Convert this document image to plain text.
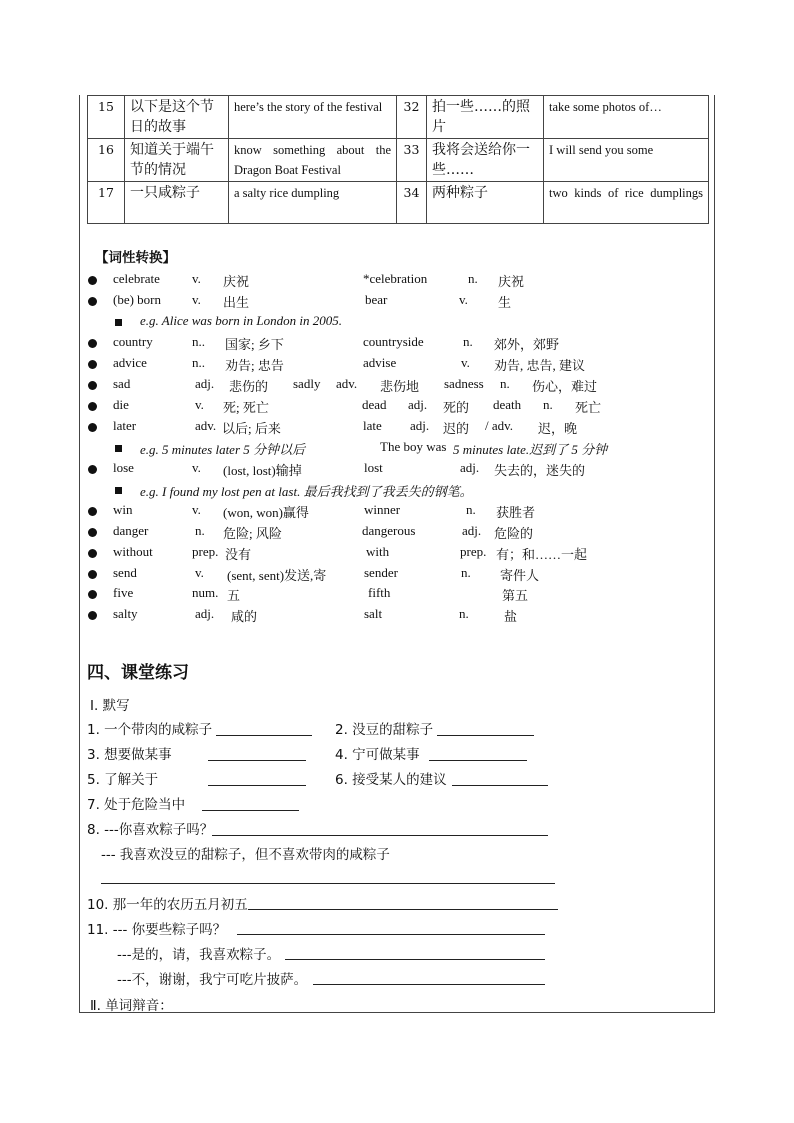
15	以下是这个节日的故事	here’s the story of the festival	32	拍一些……的照片	take some photos of…
16	知道关于端午节的情况	know something about the Dragon Boat Festival	33	我将会送给你一些……	I will send you some
17	一只咸粽子	a salty rice dumpling	34	两种粽子	two kinds of rice dumplings
【词性转换】
celebrate v. 庆祝	*celebration	n. 庆祝
(be) born v. 出生	bear	v. 生
e.g. Alice was born in London in 2005.
country	n.. 国家; 乡下	countryside	n. 郊外，郊野
advice	n.. 劝告; 忠告	advise	v. 劝告, 忠告, 建议
sad	adj. 悲伤的 sadly adv. 悲伤地 sadness n. 伤心，难过
die	v. 死; 死亡	dead adj. 死的 death n. 死亡
later	adv. 以后; 后来	late adj. 迟的 / adv. 迟，晚
e.g. 5 minutes later 5 分钟以后	The boy was 5 minutes late.迟到了 5 分钟
lose	v. (lost, lost)输掉	lost	adj. 失去的，迷失的
e.g. I found my lost pen at last. 最后我找到了我丢失的钢笔。
win	v. (won, won)赢得	winner	n. 获胜者
danger	n. 危险; 风险	dangerous	adj. 危险的
without	prep. 没有	with	prep. 有；和……一起
send	v. (sent, sent)发送,寄	sender	n. 寄件人
five	num. 五	fifth	第五
salty	adj. 咸的	salt	n.	盐
四、课堂练习
Ⅰ. 默写
1. 一个带肉的咸粽子	2. 没豆的甜粽子
3. 想要做某事	4. 宁可做某事
5. 了解关于	6. 接受某人的建议
7. 处于危险当中
8. ---你喜欢粽子吗？
--- 我喜欢没豆的甜粽子，但不喜欢带肉的咸粽子
10. 那一年的农历五月初五
11. --- 你要些粽子吗？
---是的，请，我喜欢粽子。
---不，谢谢，我宁可吃片披萨。
Ⅱ. 单词辩音：
